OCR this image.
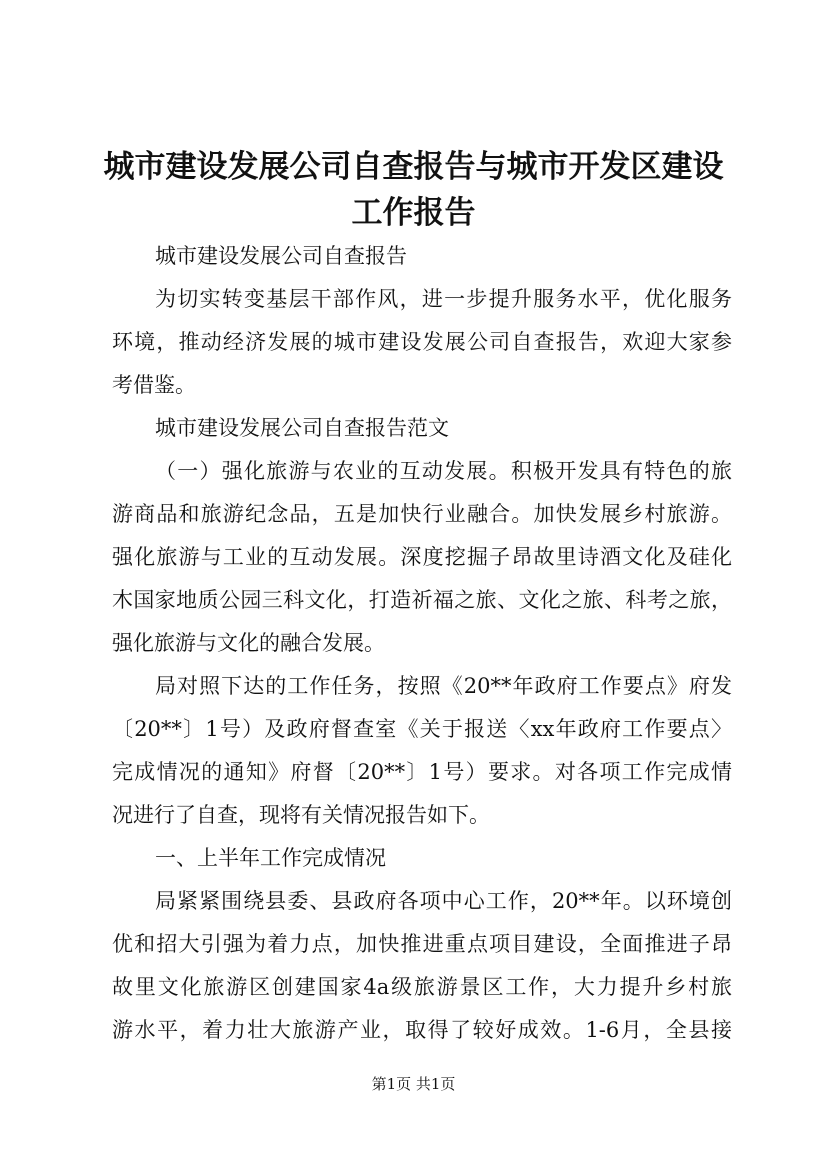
城市建设发展公司自查报告与城市开发区建设
工作报告
城市建设发展公司自查报告
为切实转变基层干部作风，进一步提升服务水平，优化服务
环境，推动经济发展的城市建设发展公司自查报告，欢迎大家参
考借鉴。
城市建设发展公司自查报告范文
（一）强化旅游与农业的互动发展。积极开发具有特色的旅
游商品和旅游纪念品，五是加快行业融合。加快发展乡村旅游。
强化旅游与工业的互动发展。深度挖掘子昂故里诗酒文化及硅化
木国家地质公园三科文化，打造祈福之旅、文化之旅、科考之旅，
强化旅游与文化的融合发展。
局对照下达的工作任务，按照《20**年政府工作要点》府发
〔20**〕1号）及政府督查室《关于报送〈xx年政府工作要点〉
完成情况的通知》府督〔20**〕1号）要求。对各项工作完成情
况进行了自查，现将有关情况报告如下。
一、上半年工作完成情况
局紧紧围绕县委、县政府各项中心工作，20**年。以环境创
优和招大引强为着力点，加快推进重点项目建设，全面推进子昂
故里文化旅游区创建国家4a级旅游景区工作，大力提升乡村旅
游水平，着力壮大旅游产业，取得了较好成效。1-6月，全县接
第1页 共1页
